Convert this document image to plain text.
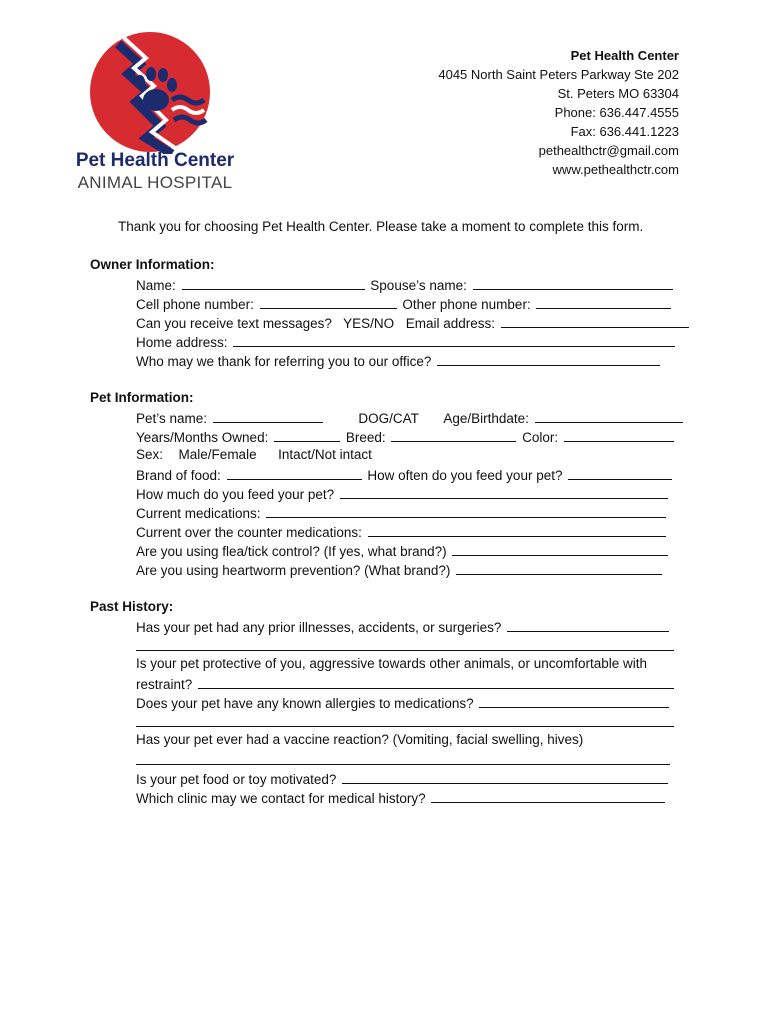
Pet Health Center
ANIMAL HOSPITAL
Pet Health Center
4045 North Saint Peters Parkway Ste 202
St. Peters MO 63304
Phone: 636.447.4555
Fax: 636.441.1223
pethealthctr@gmail.com
www.pethealthctr.com
Thank you for choosing Pet Health Center. Please take a moment to complete this form.
Owner Information:
Name:	Spouse’s name:
Cell phone number:	Other phone number:
Can you receive text messages? YES/NO Email address:
Home address:
Who may we thank for referring you to our office?
Pet Information:
Pet’s name:	DOG/CAT Age/Birthdate:
Years/Months Owned:	Breed:	Color:
Sex: Male/Female Intact/Not intact
Brand of food:	How often do you feed your pet?
How much do you feed your pet?
Current medications:
Current over the counter medications:
Are you using flea/tick control? (If yes, what brand?)
Are you using heartworm prevention? (What brand?)
Past History:
Has your pet had any prior illnesses, accidents, or surgeries?
Is your pet protective of you, aggressive towards other animals, or uncomfortable with
restraint?
Does your pet have any known allergies to medications?
Has your pet ever had a vaccine reaction? (Vomiting, facial swelling, hives)
Is your pet food or toy motivated?
Which clinic may we contact for medical history?
